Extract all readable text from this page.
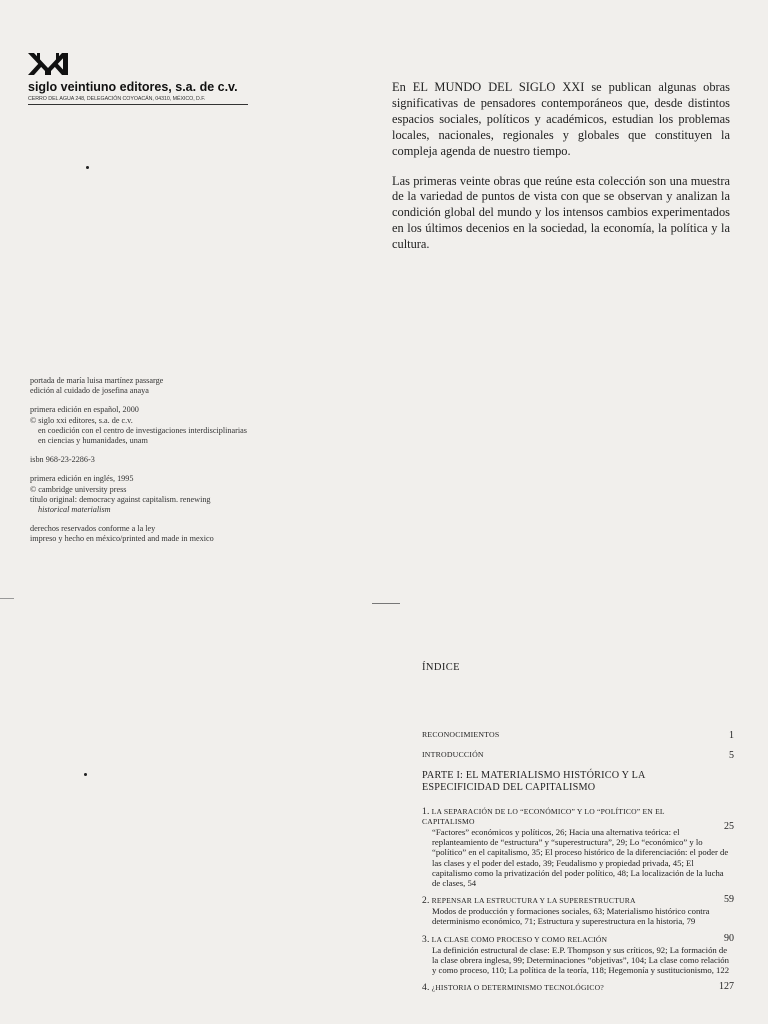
siglo veintiuno editores, s.a. de c.v.
CERRO DEL AGUA 248, DELEGACIÓN COYOACÁN, 04310, MÉXICO, D.F.
portada de maría luisa martínez passarge
edición al cuidado de josefina anaya
primera edición en español, 2000
© siglo xxi editores, s.a. de c.v.
en coedición con el centro de investigaciones interdisciplinarias
en ciencias y humanidades, unam
isbn 968-23-2286-3
primera edición en inglés, 1995
© cambridge university press
título original: democracy against capitalism. renewing
historical materialism
derechos reservados conforme a la ley
impreso y hecho en méxico/printed and made in mexico

En EL MUNDO DEL SIGLO XXI se publican algunas obras significativas de pensadores contemporáneos que, desde distintos espacios sociales, políticos y académicos, estudian los problemas locales, nacionales, regionales y globales que constituyen la compleja agenda de nuestro tiempo.

Las primeras veinte obras que reúne esta colección son una muestra de la variedad de puntos de vista con que se observan y analizan la condición global del mundo y los intensos cambios experimentados en los últimos decenios en la sociedad, la economía, la política y la cultura.

ÍNDICE
RECONOCIMIENTOS	1
INTRODUCCIÓN	5
PARTE I: EL MATERIALISMO HISTÓRICO Y LA ESPECIFICIDAD DEL CAPITALISMO
1. LA SEPARACIÓN DE LO “ECONÓMICO” Y LO “POLÍTICO” EN EL CAPITALISMO	25
“Factores” económicos y políticos, 26; Hacia una alternativa teórica: el replanteamiento de “estructura” y “superestructura”, 29; Lo “económico” y lo “político” en el capitalismo, 35; El proceso histórico de la diferenciación: el poder de las clases y el poder del estado, 39; Feudalismo y propiedad privada, 45; El capitalismo como la privatización del poder político, 48; La localización de la lucha de clases, 54
2. REPENSAR LA ESTRUCTURA Y LA SUPERESTRUCTURA	59
Modos de producción y formaciones sociales, 63; Materialismo histórico contra determinismo económico, 71; Estructura y superestructura en la historia, 79
3. LA CLASE COMO PROCESO Y COMO RELACIÓN	90
La definición estructural de clase: E.P. Thompson y sus críticos, 92; La formación de la clase obrera inglesa, 99; Determinaciones “objetivas”, 104; La clase como relación y como proceso, 110; La política de la teoría, 118; Hegemonía y sustitucionismo, 122
4. ¿HISTORIA O DETERMINISMO TECNOLÓGICO?	127
